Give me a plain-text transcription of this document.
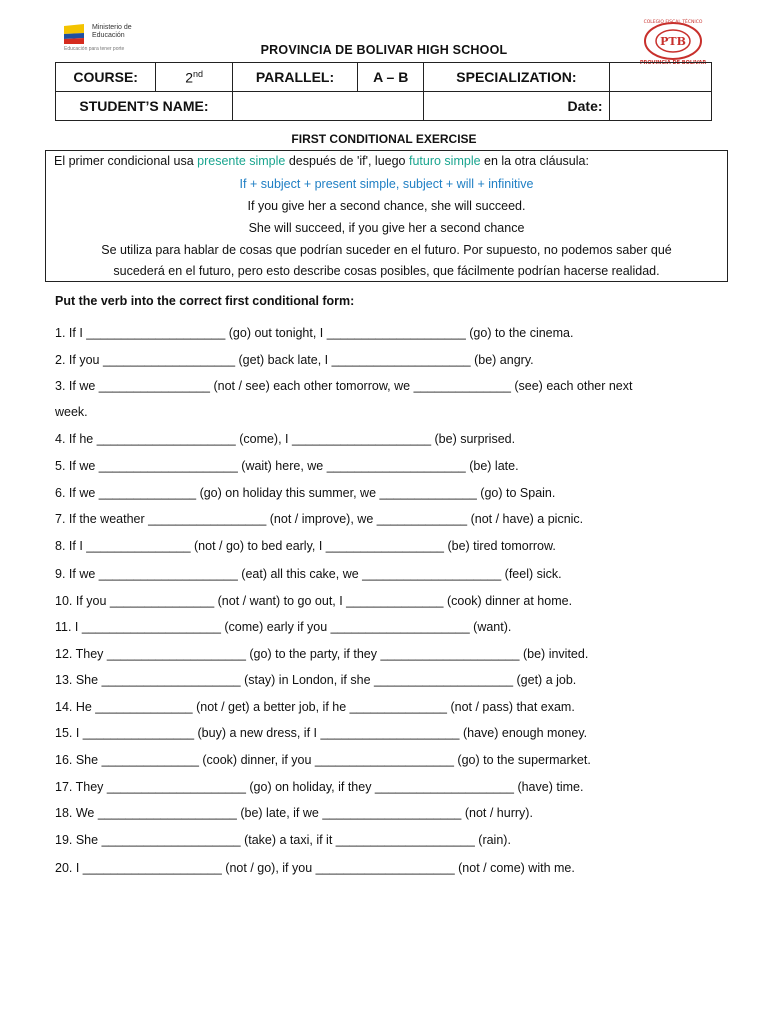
Ministerio de Educación
Educación para tener porte
COLEGIO FISCAL TÉCNICO
PTB
PROVINCIA DE BOLIVAR
PROVINCIA DE BOLIVAR HIGH SCHOOL
COURSE:	2nd	PARALLEL:	A – B	SPECIALIZATION:	
STUDENT’S NAME:				Date:	
FIRST CONDITIONAL EXERCISE
El primer condicional usa presente simple después de 'if', luego futuro simple en la otra cláusula:
If + subject + present simple, subject + will + infinitive
If you give her a second chance, she will succeed.
She will succeed, if you give her a second chance
Se utiliza para hablar de cosas que podrían suceder en el futuro. Por supuesto, no podemos saber qué
sucederá en el futuro, pero esto describe cosas posibles, que fácilmente podrían hacerse realidad.
Put the verb into the correct first conditional form:
1. If I ____________________ (go) out tonight, I ____________________ (go) to the cinema.
2. If you ___________________ (get) back late, I ____________________ (be) angry.
3. If we ________________ (not / see) each other tomorrow, we ______________ (see) each other next
week.
4. If he ____________________ (come), I ____________________ (be) surprised.
5. If we ____________________ (wait) here, we ____________________ (be) late.
6. If we ______________ (go) on holiday this summer, we ______________ (go) to Spain.
7. If the weather _________________ (not / improve), we _____________ (not / have) a picnic.
8. If I _______________ (not / go) to bed early, I _________________ (be) tired tomorrow.
9. If we ____________________ (eat) all this cake, we ____________________ (feel) sick.
10. If you _______________ (not / want) to go out, I ______________ (cook) dinner at home.
11. I ____________________ (come) early if you ____________________ (want).
12. They ____________________ (go) to the party, if they ____________________ (be) invited.
13. She ____________________ (stay) in London, if she ____________________ (get) a job.
14. He ______________ (not / get) a better job, if he ______________ (not / pass) that exam.
15. I ________________ (buy) a new dress, if I ____________________ (have) enough money.
16. She ______________ (cook) dinner, if you ____________________ (go) to the supermarket.
17. They ____________________ (go) on holiday, if they ____________________ (have) time.
18. We ____________________ (be) late, if we ____________________ (not / hurry).
19. She ____________________ (take) a taxi, if it ____________________ (rain).
20. I ____________________ (not / go), if you ____________________ (not / come) with me.
